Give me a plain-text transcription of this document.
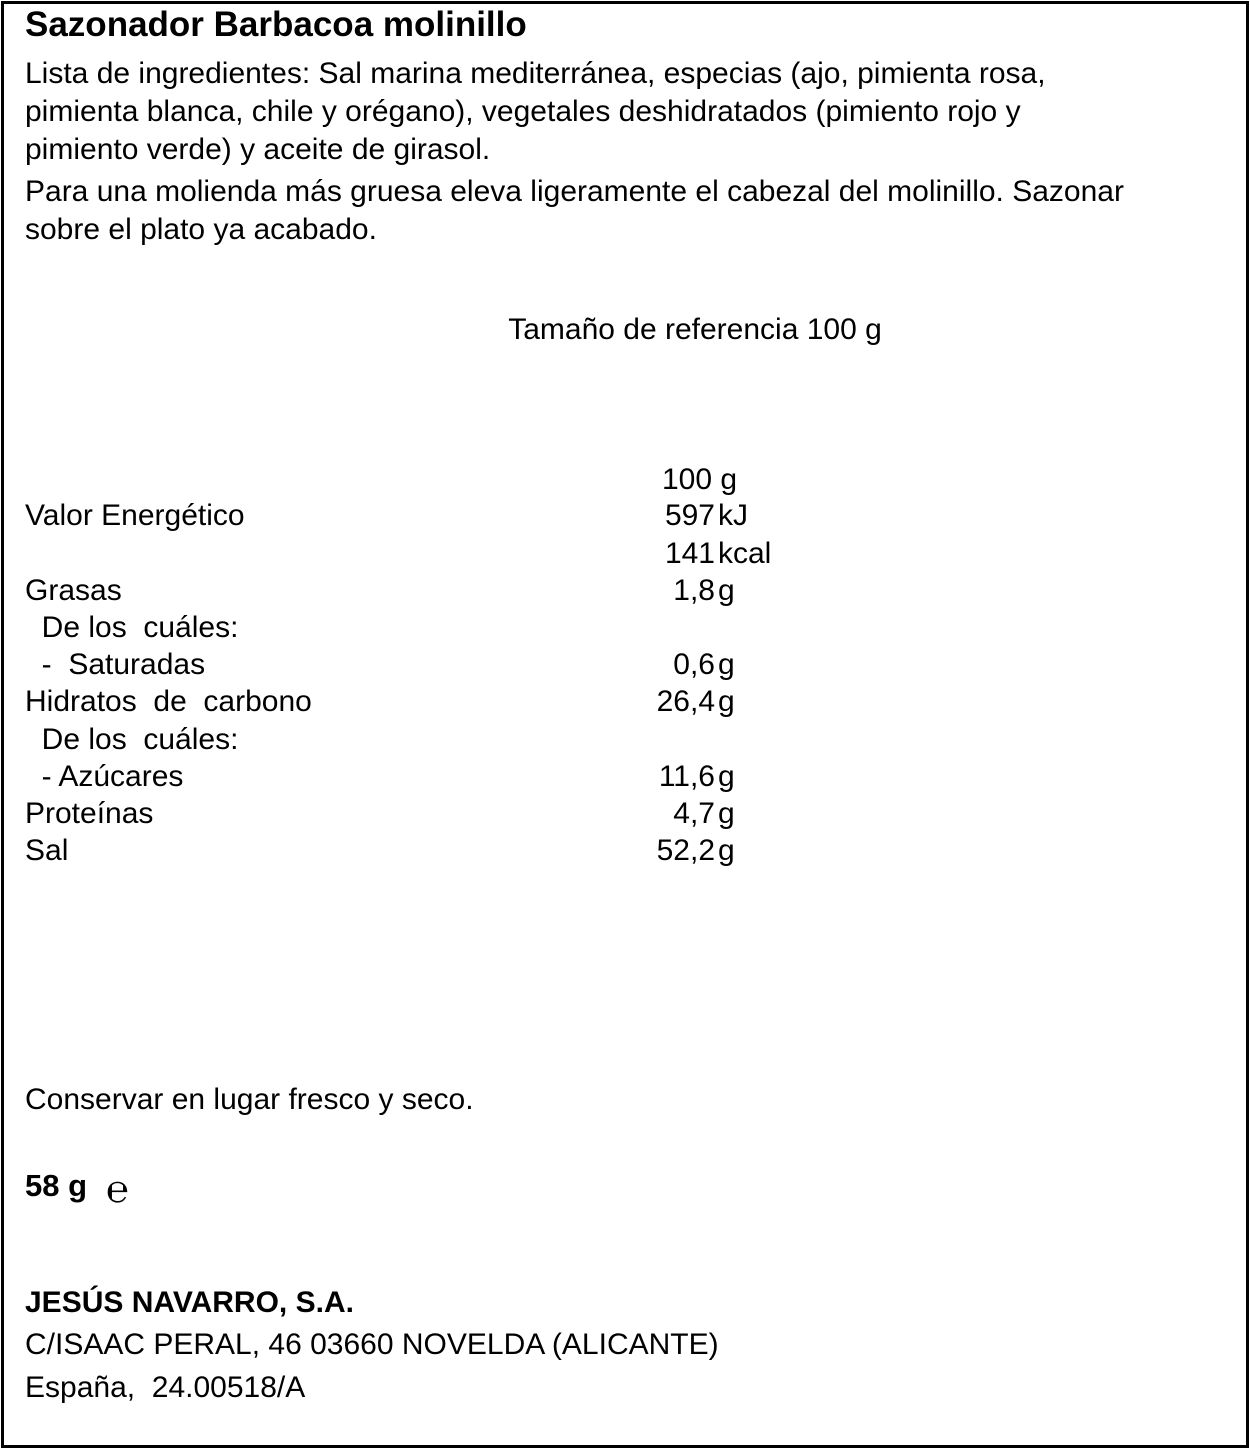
Sazonador Barbacoa molinillo
Lista de ingredientes: Sal marina mediterránea, especias (ajo, pimienta rosa,
pimienta blanca, chile y orégano), vegetales deshidratados (pimiento rojo y
pimiento verde) y aceite de girasol.
Para una molienda más gruesa eleva ligeramente el cabezal del molinillo. Sazonar
sobre el plato ya acabado.
Tamaño de referencia 100 g
100 g
Valor Energético	597 kJ
141 kcal
Grasas	1,8 g
De los  cuáles:
-  Saturadas	0,6 g
Hidratos  de  carbono	26,4 g
De los  cuáles:
- Azúcares	11,6 g
Proteínas	4,7 g
Sal	52,2 g
Conservar en lugar fresco y seco.
58 g ℮
JESÚS NAVARRO, S.A.
C/ISAAC PERAL, 46 03660 NOVELDA (ALICANTE)
España,  24.00518/A
